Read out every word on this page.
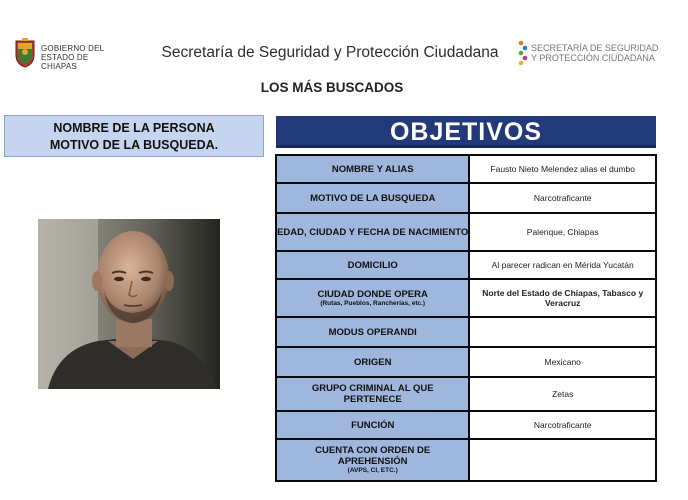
GOBIERNO DEL
ESTADO DE CHIAPAS
Secretaría de Seguridad y Protección Ciudadana
LOS MÁS BUSCADOS
SECRETARÍA DE SEGURIDAD
Y PROTECCIÓN CIUDADANA
NOMBRE DE LA PERSONA
MOTIVO DE LA BUSQUEDA.	OBJETIVOS
NOMBRE Y ALIAS	Fausto Nieto Melendez alias el dumbo
MOTIVO DE LA BUSQUEDA	Narcotraficante
EDAD, CIUDAD Y FECHA DE NACIMIENTO	Palenque, Chiapas
DOMICILIO	Al parecer radican en Mérida Yucatán
CIUDAD DONDE OPERA
(Rutas, Pueblos, Rancherías, etc.)	Norte del Estado de Chiapas, Tabasco y Veracruz
MODUS OPERANDI	
ORIGEN	Mexicano
GRUPO CRIMINAL AL QUE PERTENECE	Zetas
FUNCIÓN	Narcotraficante
CUENTA CON ORDEN DE APREHENSIÓN
(AVPS, CI, ETC.)	
